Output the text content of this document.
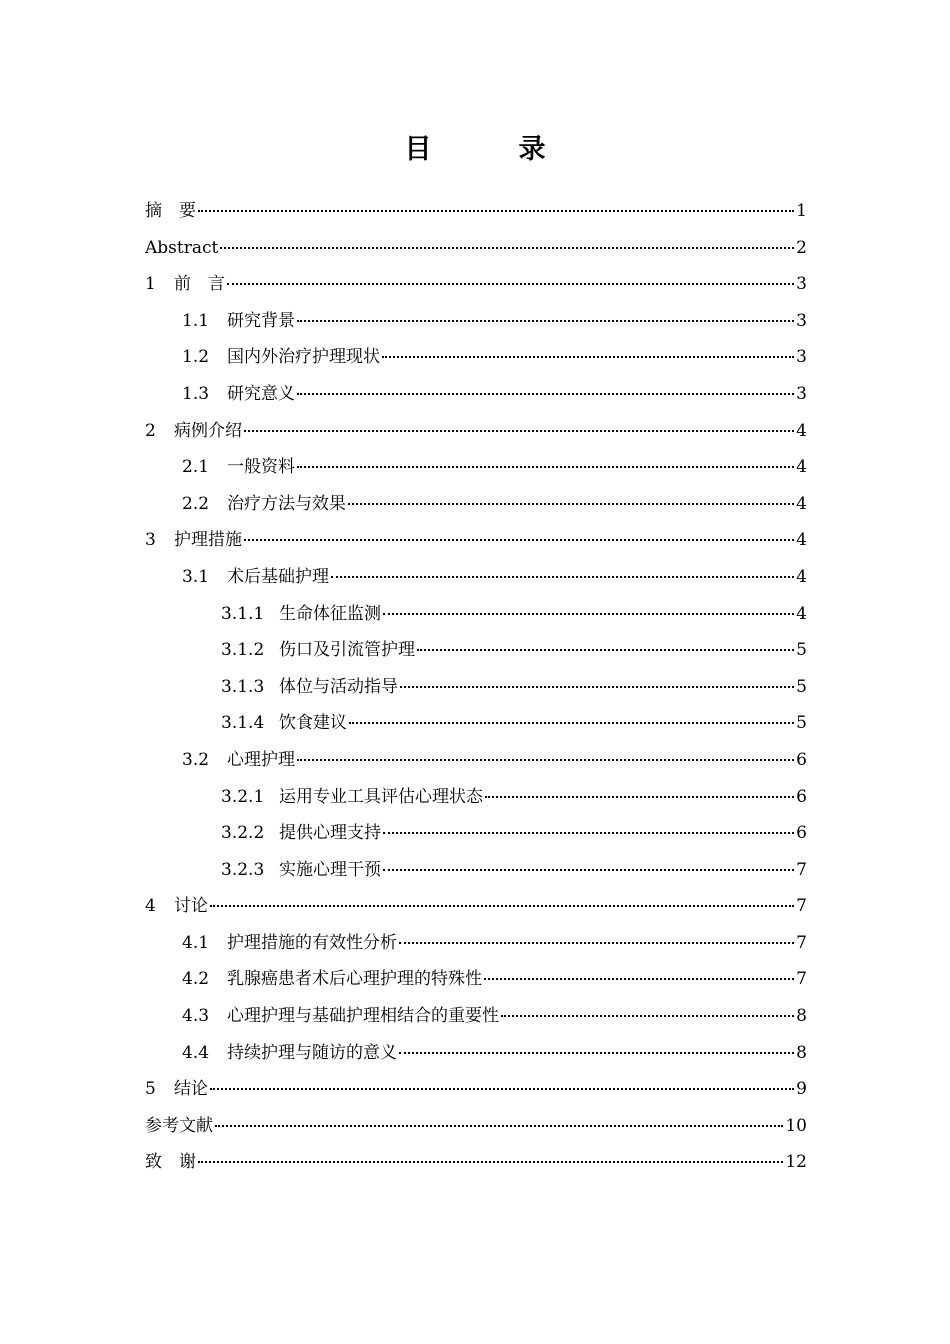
目　录
摘　要	1
Abstract	2
1	前　言	3
1.1	研究背景	3
1.2	国内外治疗护理现状	3
1.3	研究意义	3
2	病例介绍	4
2.1	一般资料	4
2.2	治疗方法与效果	4
3	护理措施	4
3.1	术后基础护理	4
3.1.1 生命体征监测	4
3.1.2 伤口及引流管护理	5
3.1.3 体位与活动指导	5
3.1.4 饮食建议	5
3.2	心理护理	6
3.2.1 运用专业工具评估心理状态	6
3.2.2 提供心理支持	6
3.2.3 实施心理干预	7
4	讨论	7
4.1	护理措施的有效性分析	7
4.2	乳腺癌患者术后心理护理的特殊性	7
4.3	心理护理与基础护理相结合的重要性	8
4.4	持续护理与随访的意义	8
5	结论	9
参考文献	10
致　谢	12
